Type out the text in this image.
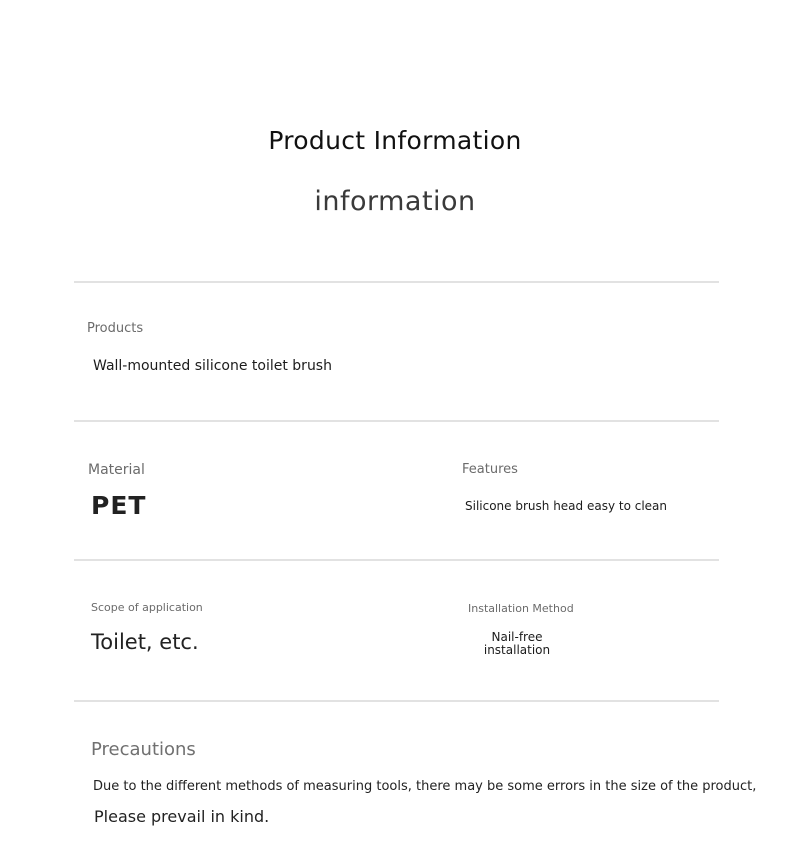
Product Information
information
Products
Wall-mounted silicone toilet brush
Material
PET
Features
Silicone brush head easy to clean
Scope of application
Toilet, etc.
Installation Method
Nail-free installation
Precautions
Due to the different methods of measuring tools, there may be some errors in the size of the product,
Please prevail in kind.
